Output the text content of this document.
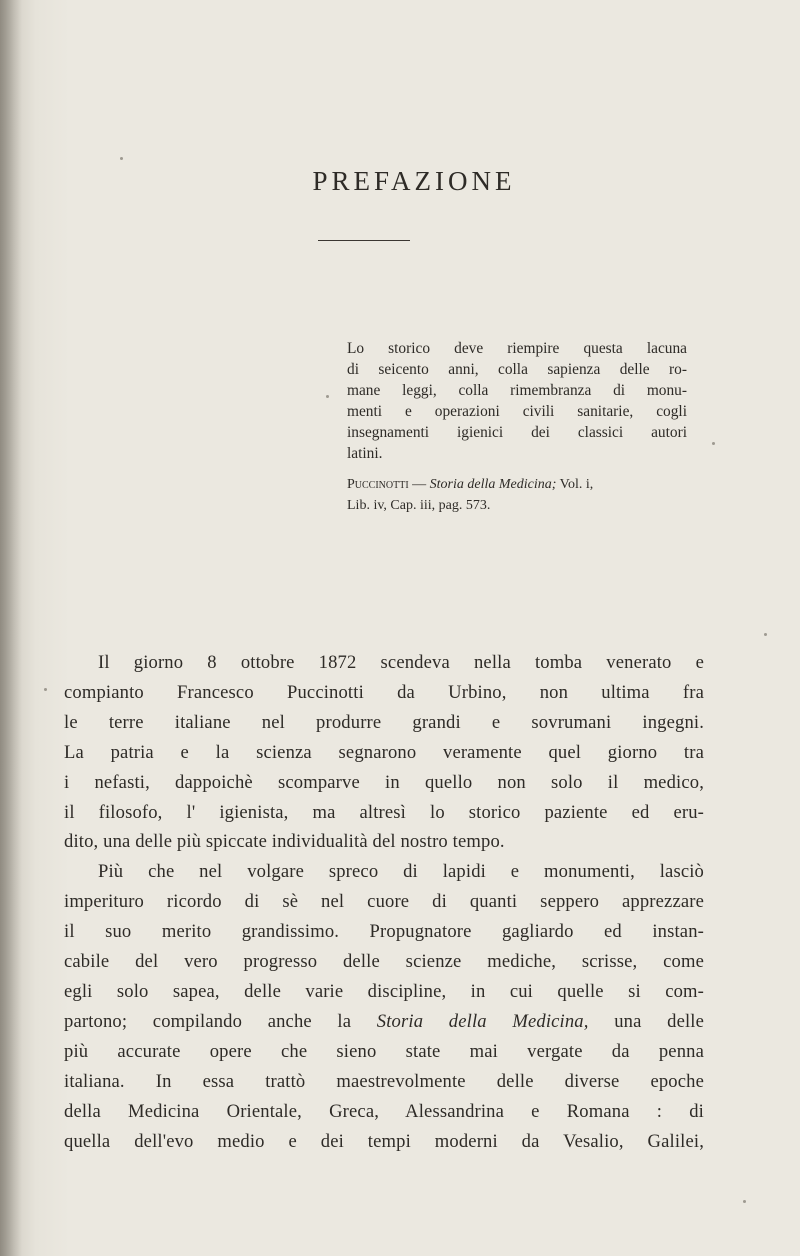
PREFAZIONE
Lo storico deve riempire questa lacuna
di seicento anni, colla sapienza delle ro-
mane leggi, colla rimembranza di monu-
menti e operazioni civili sanitarie, cogli
insegnamenti igienici dei classici autori
latini.
Puccinotti — Storia della Medicina; Vol. i,
Lib. iv, Cap. iii, pag. 573.
Il giorno 8 ottobre 1872 scendeva nella tomba venerato e
compianto Francesco Puccinotti da Urbino, non ultima fra
le terre italiane nel produrre grandi e sovrumani ingegni.
La patria e la scienza segnarono veramente quel giorno tra
i nefasti, dappoichè scomparve in quello non solo il medico,
il filosofo, l' igienista, ma altresì lo storico paziente ed eru-
dito, una delle più spiccate individualità del nostro tempo.
Più che nel volgare spreco di lapidi e monumenti, lasciò
imperituro ricordo di sè nel cuore di quanti seppero apprezzare
il suo merito grandissimo. Propugnatore gagliardo ed instan-
cabile del vero progresso delle scienze mediche, scrisse, come
egli solo sapea, delle varie discipline, in cui quelle si com-
partono; compilando anche la Storia della Medicina, una delle
più accurate opere che sieno state mai vergate da penna
italiana. In essa trattò maestrevolmente delle diverse epoche
della Medicina Orientale, Greca, Alessandrina e Romana : di
quella dell'evo medio e dei tempi moderni da Vesalio, Galilei,
